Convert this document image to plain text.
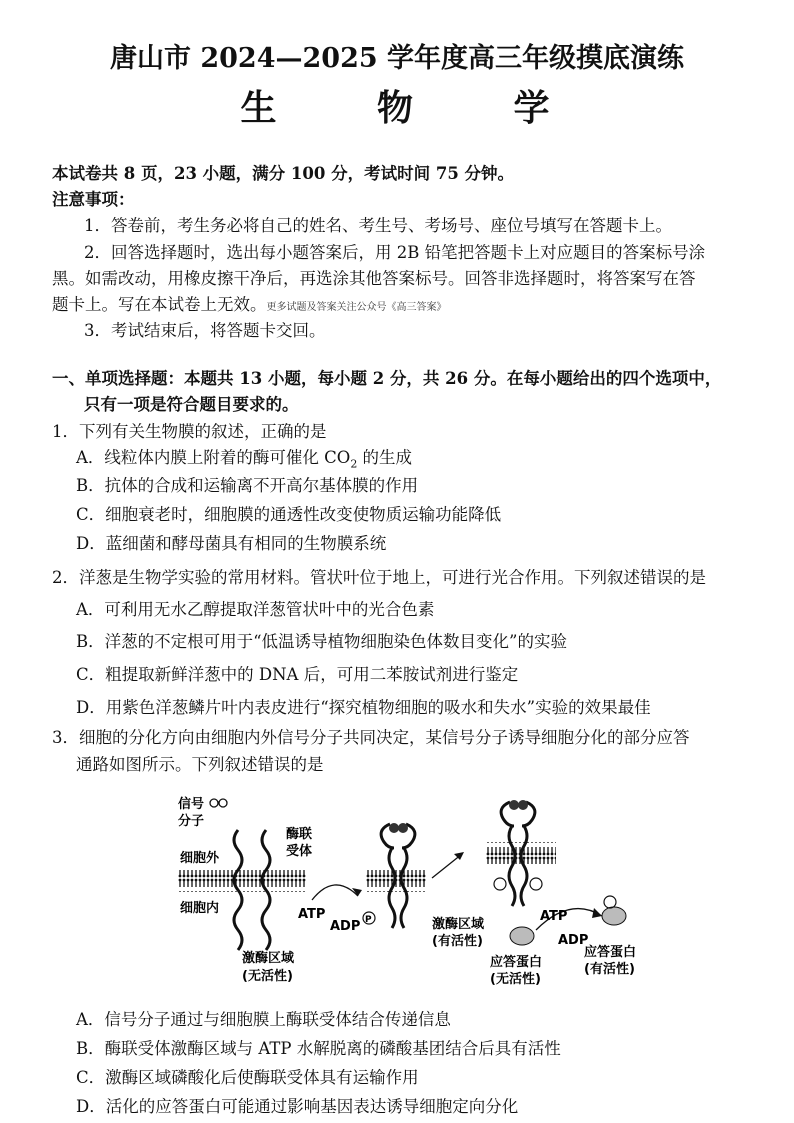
唐山市 2024—2025 学年度高三年级摸底演练
生 物 学
本试卷共 8 页，23 小题，满分 100 分，考试时间 75 分钟。
注意事项：
1．答卷前，考生务必将自己的姓名、考生号、考场号、座位号填写在答题卡上。
2．回答选择题时，选出每小题答案后，用 2B 铅笔把答题卡上对应题目的答案标号涂
黑。如需改动，用橡皮擦干净后，再选涂其他答案标号。回答非选择题时，将答案写在答
题卡上。写在本试卷上无效。更多试题及答案关注公众号《高三答案》
3．考试结束后，将答题卡交回。
一、单项选择题：本题共 13 小题，每小题 2 分，共 26 分。在每小题给出的四个选项中，
只有一项是符合题目要求的。
1．下列有关生物膜的叙述，正确的是
A．线粒体内膜上附着的酶可催化 $CO_2$ 的生成
B．抗体的合成和运输离不开高尔基体膜的作用
C．细胞衰老时，细胞膜的通透性改变使物质运输功能降低
D．蓝细菌和酵母菌具有相同的生物膜系统
2．洋葱是生物学实验的常用材料。管状叶位于地上，可进行光合作用。下列叙述错误的是
A．可利用无水乙醇提取洋葱管状叶中的光合色素
B．洋葱的不定根可用于“低温诱导植物细胞染色体数目变化”的实验
C．粗提取新鲜洋葱中的 DNA 后，可用二苯胺试剂进行鉴定
D．用紫色洋葱鳞片叶内表皮进行“探究植物细胞的吸水和失水”实验的效果最佳
3．细胞的分化方向由细胞内外信号分子共同决定，某信号分子诱导细胞分化的部分应答
通路如图所示。下列叙述错误的是
信号
分子
细胞外
细胞内
酶联
受体
激酶区域
(无活性)
ATP
ADP P	激酶区域
(有活性)
ATP
ADP
应答蛋白
(无活性)
应答蛋白
(有活性)
A．信号分子通过与细胞膜上酶联受体结合传递信息
B．酶联受体激酶区域与 ATP 水解脱离的磷酸基团结合后具有活性
C．激酶区域磷酸化后使酶联受体具有运输作用
D．活化的应答蛋白可能通过影响基因表达诱导细胞定向分化
